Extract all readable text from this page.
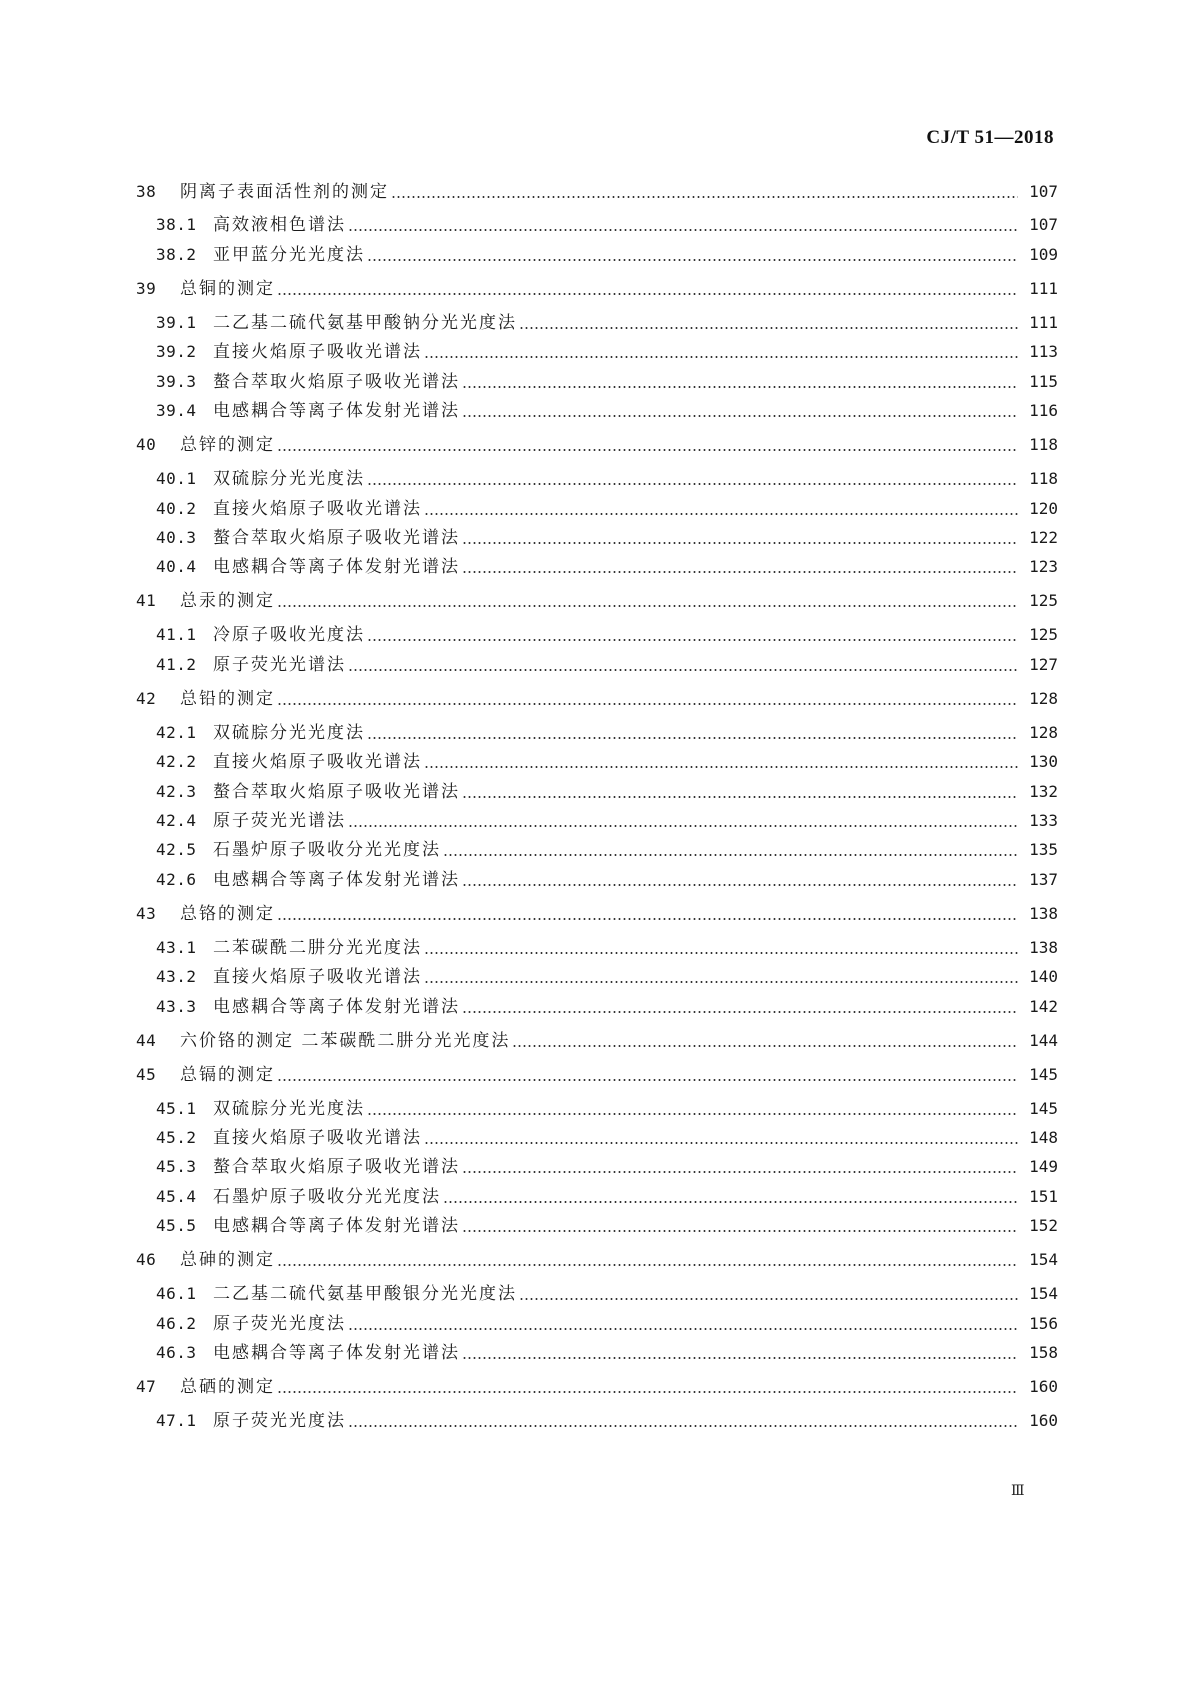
CJ/T 51—2018
38	阴离子表面活性剂的测定	107
38.1 高效液相色谱法	107
38.2 亚甲蓝分光光度法	109
39	总铜的测定	111
39.1 二乙基二硫代氨基甲酸钠分光光度法	111
39.2 直接火焰原子吸收光谱法	113
39.3 螯合萃取火焰原子吸收光谱法	115
39.4 电感耦合等离子体发射光谱法	116
40	总锌的测定	118
40.1 双硫腙分光光度法	118
40.2 直接火焰原子吸收光谱法	120
40.3 螯合萃取火焰原子吸收光谱法	122
40.4 电感耦合等离子体发射光谱法	123
41	总汞的测定	125
41.1 冷原子吸收光度法	125
41.2 原子荧光光谱法	127
42	总铅的测定	128
42.1 双硫腙分光光度法	128
42.2 直接火焰原子吸收光谱法	130
42.3 螯合萃取火焰原子吸收光谱法	132
42.4 原子荧光光谱法	133
42.5 石墨炉原子吸收分光光度法	135
42.6 电感耦合等离子体发射光谱法	137
43	总铬的测定	138
43.1 二苯碳酰二肼分光光度法	138
43.2 直接火焰原子吸收光谱法	140
43.3 电感耦合等离子体发射光谱法	142
44	六价铬的测定 二苯碳酰二肼分光光度法	144
45	总镉的测定	145
45.1 双硫腙分光光度法	145
45.2 直接火焰原子吸收光谱法	148
45.3 螯合萃取火焰原子吸收光谱法	149
45.4 石墨炉原子吸收分光光度法	151
45.5 电感耦合等离子体发射光谱法	152
46	总砷的测定	154
46.1 二乙基二硫代氨基甲酸银分光光度法	154
46.2 原子荧光光度法	156
46.3 电感耦合等离子体发射光谱法	158
47	总硒的测定	160
47.1 原子荧光光度法	160
Ⅲ
